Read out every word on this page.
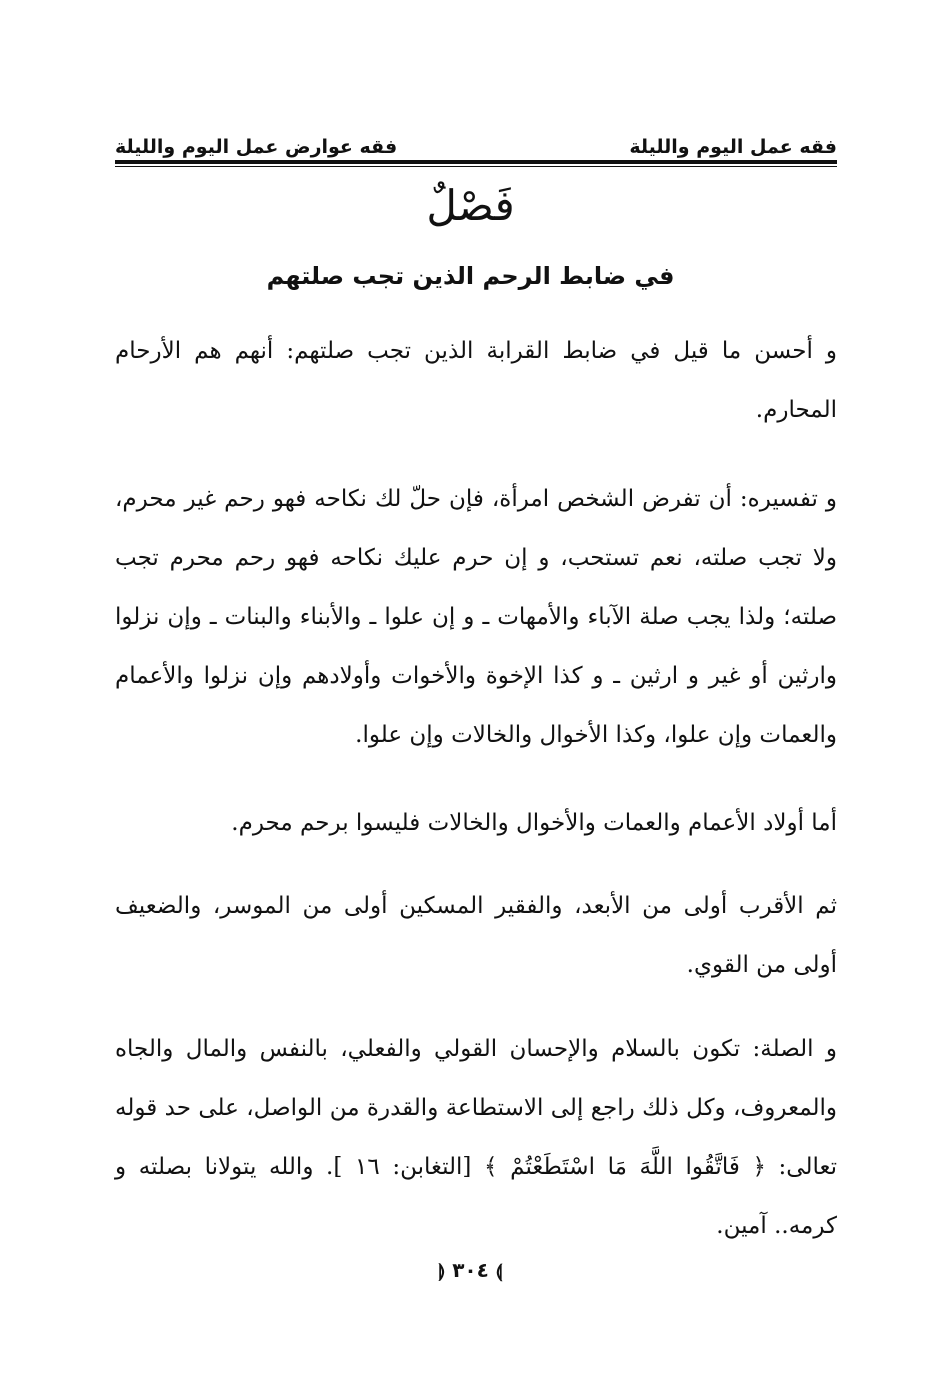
فقه عمل اليوم والليلة
فقه عوارض عمل اليوم والليلة
فَصْلٌ
في ضابط الرحم الذين تجب صلتهم

و أحسن ما قيل في ضابط القرابة الذين تجب صلتهم: أنهم هم الأرحام المحارم.

و تفسيره: أن تفرض الشخص امرأة، فإن حلّ لك نكاحه فهو رحم غير محرم، ولا تجب صلته، نعم تستحب، و إن حرم عليك نكاحه فهو رحم محرم تجب صلته؛ ولذا يجب صلة الآباء والأمهات ـ و إن علوا ـ والأبناء والبنات ـ وإن نزلوا وارثين أو غير و ارثين ـ و كذا الإخوة والأخوات وأولادهم وإن نزلوا والأعمام والعمات وإن علوا، وكذا الأخوال والخالات وإن علوا.

أما أولاد الأعمام والعمات والأخوال والخالات فليسوا برحم محرم.

ثم الأقرب أولى من الأبعد، والفقير المسكين أولى من الموسر، والضعيف أولى من القوي.

و الصلة: تكون بالسلام والإحسان القولي والفعلي، بالنفس والمال والجاه والمعروف، وكل ذلك راجع إلى الاستطاعة والقدرة من الواصل، على حد قوله تعالى: ﴿ فَاتَّقُوا اللَّهَ مَا اسْتَطَعْتُمْ ﴾ [التغابن: ١٦ ]. والله يتولانا بصلته و كرمه.. آمين.

⟭ ٣٠٤ ⟬
